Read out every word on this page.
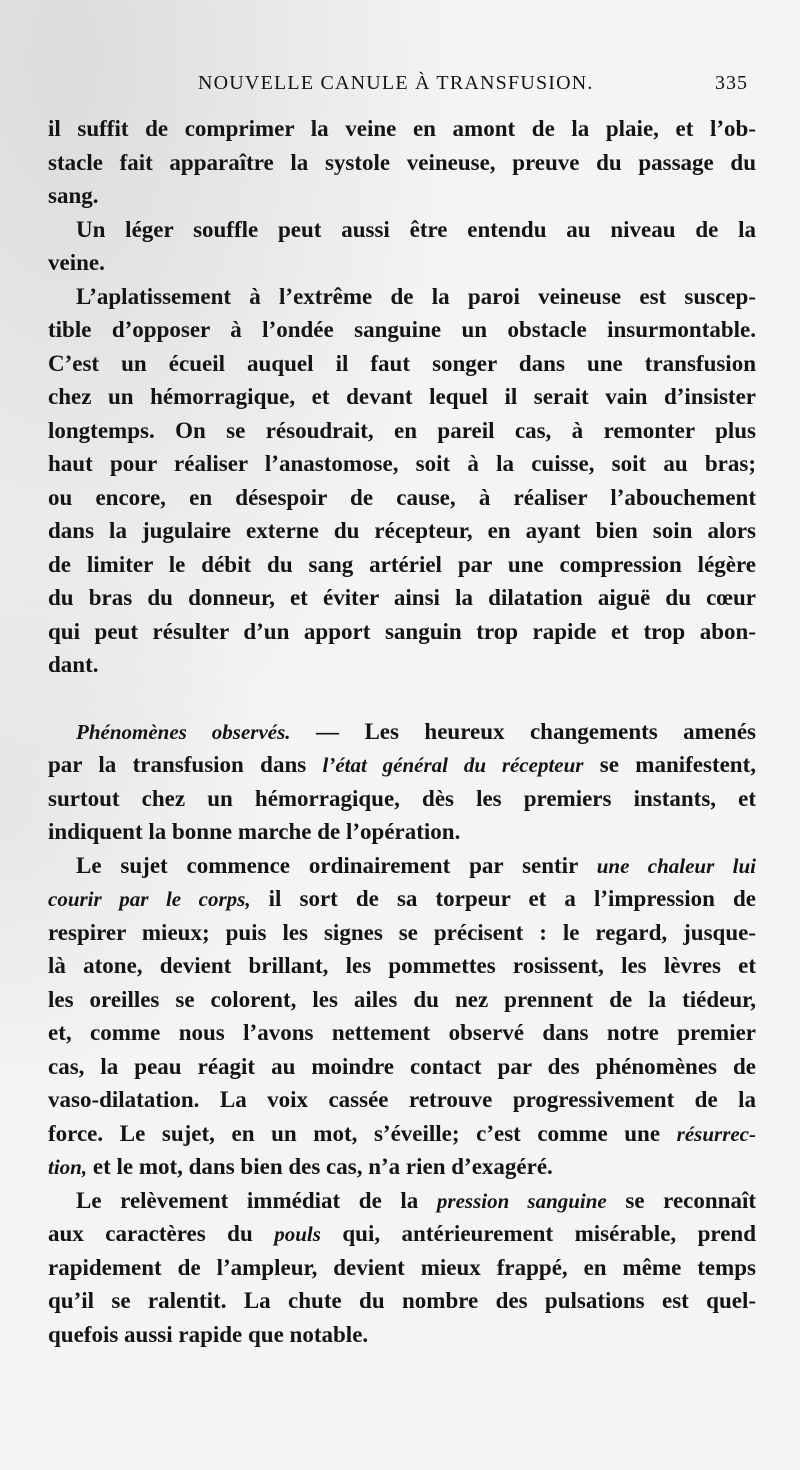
NOUVELLE CANULE À TRANSFUSION.	335
il suffit de comprimer la veine en amont de la plaie, et l’ob-
stacle fait apparaître la systole veineuse, preuve du passage du
sang.
Un léger souffle peut aussi être entendu au niveau de la
veine.
L’aplatissement à l’extrême de la paroi veineuse est suscep-
tible d’opposer à l’ondée sanguine un obstacle insurmontable.
C’est un écueil auquel il faut songer dans une transfusion
chez un hémorragique, et devant lequel il serait vain d’insister
longtemps. On se résoudrait, en pareil cas, à remonter plus
haut pour réaliser l’anastomose, soit à la cuisse, soit au bras;
ou encore, en désespoir de cause, à réaliser l’abouchement
dans la jugulaire externe du récepteur, en ayant bien soin alors
de limiter le débit du sang artériel par une compression légère
du bras du donneur, et éviter ainsi la dilatation aiguë du cœur
qui peut résulter d’un apport sanguin trop rapide et trop abon-
dant.
Phénomènes observés. — Les heureux changements amenés
par la transfusion dans l’état général du récepteur se manifestent,
surtout chez un hémorragique, dès les premiers instants, et
indiquent la bonne marche de l’opération.
Le sujet commence ordinairement par sentir une chaleur lui
courir par le corps, il sort de sa torpeur et a l’impression de
respirer mieux; puis les signes se précisent : le regard, jusque-
là atone, devient brillant, les pommettes rosissent, les lèvres et
les oreilles se colorent, les ailes du nez prennent de la tiédeur,
et, comme nous l’avons nettement observé dans notre premier
cas, la peau réagit au moindre contact par des phénomènes de
vaso-dilatation. La voix cassée retrouve progressivement de la
force. Le sujet, en un mot, s’éveille; c’est comme une résurrec-
tion, et le mot, dans bien des cas, n’a rien d’exagéré.
Le relèvement immédiat de la pression sanguine se reconnaît
aux caractères du pouls qui, antérieurement misérable, prend
rapidement de l’ampleur, devient mieux frappé, en même temps
qu’il se ralentit. La chute du nombre des pulsations est quel-
quefois aussi rapide que notable.
